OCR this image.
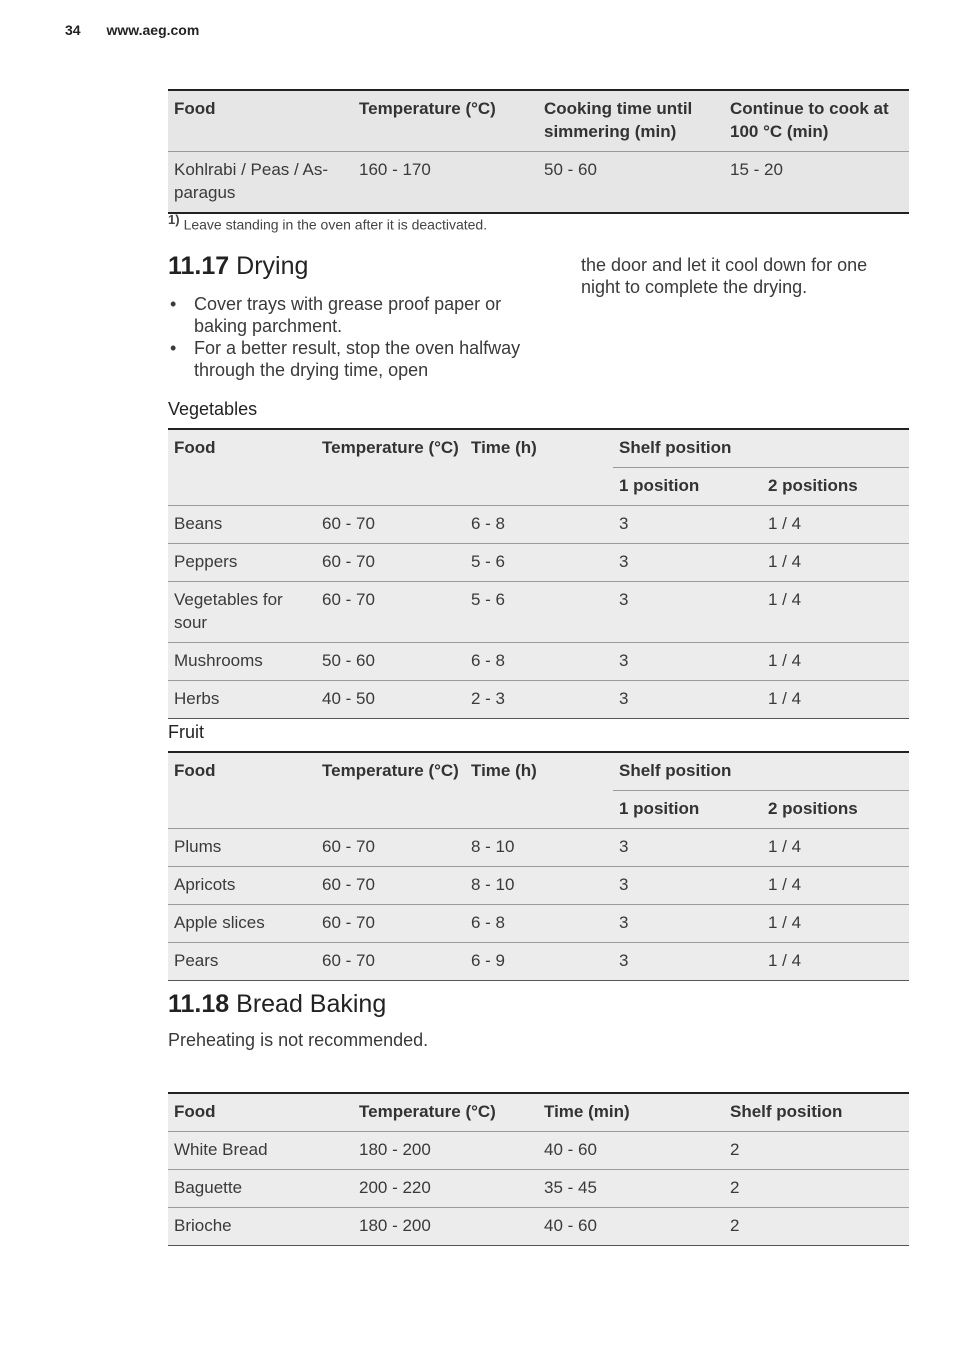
34 www.aeg.com
Food	Temperature (°C)	Cooking time until simmering (min)	Continue to cook at 100 °C (min)
Kohlrabi / Peas / As-paragus	160 - 170	50 - 60	15 - 20
$^{1)}$ Leave standing in the oven after it is deactivated.
11.17 Drying
• Cover trays with grease proof paper or baking parchment.
• For a better result, stop the oven halfway through the drying time, open

the door and let it cool down for one night to complete the drying.

Vegetables
Food	Temperature (°C)	Time (h)	Shelf position	
			1 position	2 positions
Beans	60 - 70	6 - 8	3	1 / 4
Peppers	60 - 70	5 - 6	3	1 / 4
Vegetables for sour	60 - 70	5 - 6	3	1 / 4
Mushrooms	50 - 60	6 - 8	3	1 / 4
Herbs	40 - 50	2 - 3	3	1 / 4
Fruit
Food	Temperature (°C)	Time (h)	Shelf position	
			1 position	2 positions
Plums	60 - 70	8 - 10	3	1 / 4
Apricots	60 - 70	8 - 10	3	1 / 4
Apple slices	60 - 70	6 - 8	3	1 / 4
Pears	60 - 70	6 - 9	3	1 / 4
11.18 Bread Baking

Preheating is not recommended.

Food	Temperature (°C)	Time (min)	Shelf position
White Bread	180 - 200	40 - 60	2
Baguette	200 - 220	35 - 45	2
Brioche	180 - 200	40 - 60	2
